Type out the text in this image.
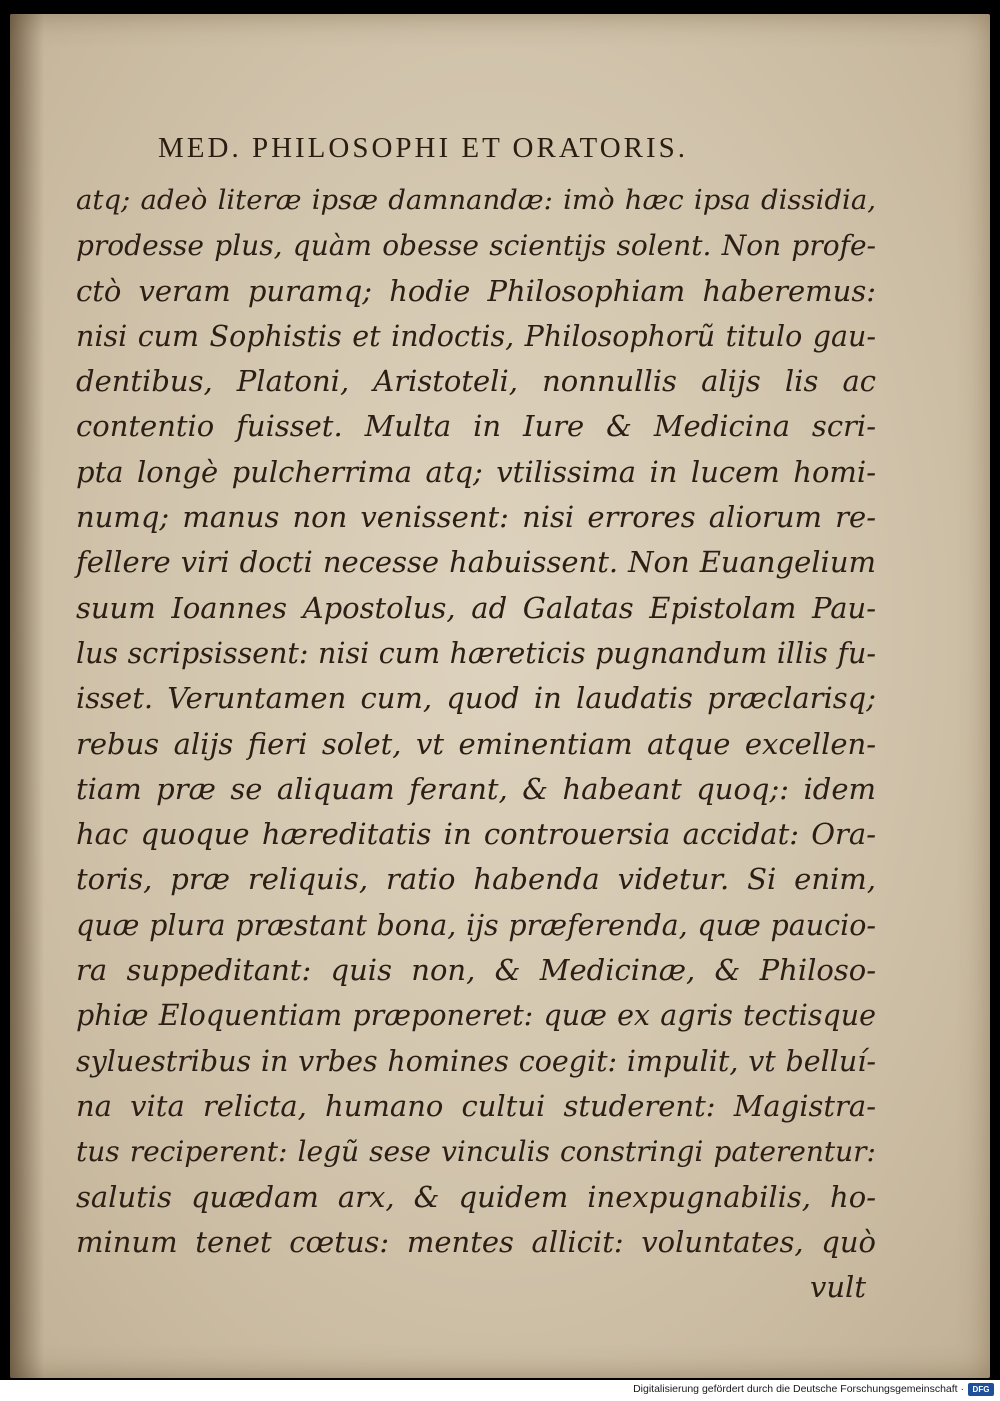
MED. PHILOSOPHI ET ORATORIS.
atq; adeò literæ ipsæ damnandæ: imò hæc ipsa dissidia,
prodesse plus, quàm obesse scientijs solent. Non profe-
ctò veram puramq; hodie Philosophiam haberemus:
nisi cum Sophistis et indoctis, Philosophorũ titulo gau-
dentibus, Platoni, Aristoteli, nonnullis alijs lis ac
contentio fuisset. Multa in Iure & Medicina scri-
pta longè pulcherrima atq; vtilissima in lucem homi-
numq; manus non venissent: nisi errores aliorum re-
fellere viri docti necesse habuissent. Non Euangelium
suum Ioannes Apostolus, ad Galatas Epistolam Pau-
lus scripsissent: nisi cum hæreticis pugnandum illis fu-
isset. Veruntamen cum, quod in laudatis præclarisq;
rebus alijs fieri solet, vt eminentiam atque excellen-
tiam præ se aliquam ferant, & habeant quoq;: idem
hac quoque hæreditatis in controuersia accidat: Ora-
toris, præ reliquis, ratio habenda videtur. Si enim,
quæ plura præstant bona, ijs præferenda, quæ paucio-
ra suppeditant: quis non, & Medicinæ, & Philoso-
phiæ Eloquentiam præponeret: quæ ex agris tectisque
syluestribus in vrbes homines coegit: impulit, vt belluí-
na vita relicta, humano cultui studerent: Magistra-
tus reciperent: legũ sese vinculis constringi paterentur:
salutis quædam arx, & quidem inexpugnabilis, ho-
minum tenet cœtus: mentes allicit: voluntates, quò
vult
Digitalisierung gefördert durch die Deutsche Forschungsgemeinschaft ·	DFG
